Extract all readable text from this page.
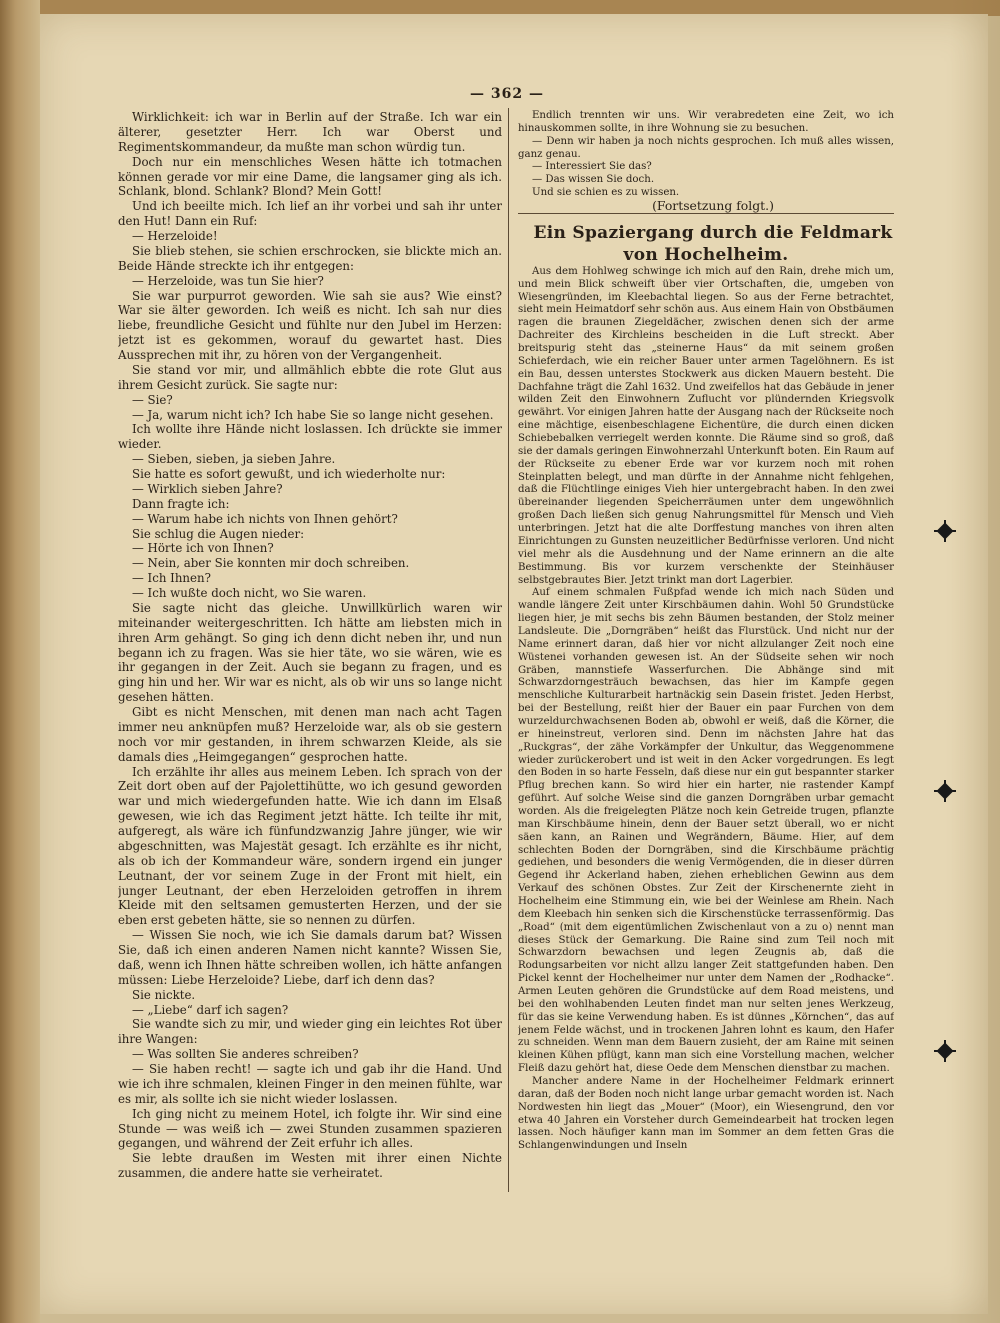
— 362 —

Wirklichkeit: ich war in Berlin auf der Straße. Ich war ein älterer, gesetzter Herr. Ich war Oberst und Regimentskommandeur, da mußte man schon würdig tun.

Doch nur ein menschliches Wesen hätte ich totmachen können gerade vor mir eine Dame, die langsamer ging als ich. Schlank, blond. Schlank? Blond? Mein Gott!

Und ich beeilte mich. Ich lief an ihr vorbei und sah ihr unter den Hut! Dann ein Ruf:

— Herzeloide!

Sie blieb stehen, sie schien erschrocken, sie blickte mich an. Beide Hände streckte ich ihr entgegen:

— Herzeloide, was tun Sie hier?

Sie war purpurrot geworden. Wie sah sie aus? Wie einst? War sie älter geworden. Ich weiß es nicht. Ich sah nur dies liebe, freundliche Gesicht und fühlte nur den Jubel im Herzen: jetzt ist es gekommen, worauf du gewartet hast. Dies Aussprechen mit ihr, zu hören von der Vergangenheit.

Sie stand vor mir, und allmählich ebbte die rote Glut aus ihrem Gesicht zurück. Sie sagte nur:

— Sie?

— Ja, warum nicht ich? Ich habe Sie so lange nicht gesehen.

Ich wollte ihre Hände nicht loslassen. Ich drückte sie immer wieder.

— Sieben, sieben, ja sieben Jahre.

Sie hatte es sofort gewußt, und ich wiederholte nur:

— Wirklich sieben Jahre?

Dann fragte ich:

— Warum habe ich nichts von Ihnen gehört?

Sie schlug die Augen nieder:

— Hörte ich von Ihnen?

— Nein, aber Sie konnten mir doch schreiben.

— Ich Ihnen?

— Ich wußte doch nicht, wo Sie waren.

Sie sagte nicht das gleiche. Unwillkürlich waren wir miteinander weitergeschritten. Ich hätte am liebsten mich in ihren Arm gehängt. So ging ich denn dicht neben ihr, und nun begann ich zu fragen. Was sie hier täte, wo sie wären, wie es ihr gegangen in der Zeit. Auch sie begann zu fragen, und es ging hin und her. Wir war es nicht, als ob wir uns so lange nicht gesehen hätten.

Gibt es nicht Menschen, mit denen man nach acht Tagen immer neu anknüpfen muß? Herzeloide war, als ob sie gestern noch vor mir gestanden, in ihrem schwarzen Kleide, als sie damals dies „Heimgegangen“ gesprochen hatte.

Ich erzählte ihr alles aus meinem Leben. Ich sprach von der Zeit dort oben auf der Pajolettihütte, wo ich gesund geworden war und mich wiedergefunden hatte. Wie ich dann im Elsaß gewesen, wie ich das Regiment jetzt hätte. Ich teilte ihr mit, aufgeregt, als wäre ich fünfundzwanzig Jahre jünger, wie wir abgeschnitten, was Majestät gesagt. Ich erzählte es ihr nicht, als ob ich der Kommandeur wäre, sondern irgend ein junger Leutnant, der vor seinem Zuge in der Front mit hielt, ein junger Leutnant, der eben Herzeloiden getroffen in ihrem Kleide mit den seltsamen gemusterten Herzen, und der sie eben erst gebeten hätte, sie so nennen zu dürfen.

— Wissen Sie noch, wie ich Sie damals darum bat? Wissen Sie, daß ich einen anderen Namen nicht kannte? Wissen Sie, daß, wenn ich Ihnen hätte schreiben wollen, ich hätte anfangen müssen: Liebe Herzeloide? Liebe, darf ich denn das?

Sie nickte.

— „Liebe“ darf ich sagen?

Sie wandte sich zu mir, und wieder ging ein leichtes Rot über ihre Wangen:

— Was sollten Sie anderes schreiben?

— Sie haben recht! — sagte ich und gab ihr die Hand. Und wie ich ihre schmalen, kleinen Finger in den meinen fühlte, war es mir, als sollte ich sie nicht wieder loslassen.

Ich ging nicht zu meinem Hotel, ich folgte ihr. Wir sind eine Stunde — was weiß ich — zwei Stunden zusammen spazieren gegangen, und während der Zeit erfuhr ich alles.

Sie lebte draußen im Westen mit ihrer einen Nichte zusammen, die andere hatte sie verheiratet.

Endlich trennten wir uns. Wir verabredeten eine Zeit, wo ich hinauskommen sollte, in ihre Wohnung sie zu besuchen.

— Denn wir haben ja noch nichts gesprochen. Ich muß alles wissen, ganz genau.

— Interessiert Sie das?

— Das wissen Sie doch.

Und sie schien es zu wissen.

(Fortsetzung folgt.)

Ein Spaziergang durch die Feldmark von Hochelheim.

Aus dem Hohlweg schwinge ich mich auf den Rain, drehe mich um, und mein Blick schweift über vier Ortschaften, die, umgeben von Wiesengründen, im Kleebachtal liegen. So aus der Ferne betrachtet, sieht mein Heimatdorf sehr schön aus. Aus einem Hain von Obstbäumen ragen die braunen Ziegeldächer, zwischen denen sich der arme Dachreiter des Kirchleins bescheiden in die Luft streckt. Aber breitspurig steht das „steinerne Haus“ da mit seinem großen Schieferdach, wie ein reicher Bauer unter armen Tagelöhnern. Es ist ein Bau, dessen unterstes Stockwerk aus dicken Mauern besteht. Die Dachfahne trägt die Zahl 1632. Und zweifellos hat das Gebäude in jener wilden Zeit den Einwohnern Zuflucht vor plündernden Kriegsvolk gewährt. Vor einigen Jahren hatte der Ausgang nach der Rückseite noch eine mächtige, eisenbeschlagene Eichentüre, die durch einen dicken Schiebebalken verriegelt werden konnte. Die Räume sind so groß, daß sie der damals geringen Einwohnerzahl Unterkunft boten. Ein Raum auf der Rückseite zu ebener Erde war vor kurzem noch mit rohen Steinplatten belegt, und man dürfte in der Annahme nicht fehlgehen, daß die Flüchtlinge einiges Vieh hier untergebracht haben. In den zwei übereinander liegenden Speicherräumen unter dem ungewöhnlich großen Dach ließen sich genug Nahrungsmittel für Mensch und Vieh unterbringen. Jetzt hat die alte Dorffestung manches von ihren alten Einrichtungen zu Gunsten neuzeitlicher Bedürfnisse verloren. Und nicht viel mehr als die Ausdehnung und der Name erinnern an die alte Bestimmung. Bis vor kurzem verschenkte der Steinhäuser selbstgebrautes Bier. Jetzt trinkt man dort Lagerbier.

Auf einem schmalen Fußpfad wende ich mich nach Süden und wandle längere Zeit unter Kirschbäumen dahin. Wohl 50 Grundstücke liegen hier, je mit sechs bis zehn Bäumen bestanden, der Stolz meiner Landsleute. Die „Dorngräben“ heißt das Flurstück. Und nicht nur der Name erinnert daran, daß hier vor nicht allzulanger Zeit noch eine Wüstenei vorhanden gewesen ist. An der Südseite sehen wir noch Gräben, mannstiefe Wasserfurchen. Die Abhänge sind mit Schwarzdorngesträuch bewachsen, das hier im Kampfe gegen menschliche Kulturarbeit hartnäckig sein Dasein fristet. Jeden Herbst, bei der Bestellung, reißt hier der Bauer ein paar Furchen von dem wurzeldurchwachsenen Boden ab, obwohl er weiß, daß die Körner, die er hineinstreut, verloren sind. Denn im nächsten Jahre hat das „Ruckgras“, der zähe Vorkämpfer der Unkultur, das Weggenommene wieder zurückerobert und ist weit in den Acker vorgedrungen. Es legt den Boden in so harte Fesseln, daß diese nur ein gut bespannter starker Pflug brechen kann. So wird hier ein harter, nie rastender Kampf geführt. Auf solche Weise sind die ganzen Dorngräben urbar gemacht worden. Als die freigelegten Plätze noch kein Getreide trugen, pflanzte man Kirschbäume hinein, denn der Bauer setzt überall, wo er nicht säen kann, an Rainen und Wegrändern, Bäume. Hier, auf dem schlechten Boden der Dorngräben, sind die Kirschbäume prächtig gediehen, und besonders die wenig Vermögenden, die in dieser dürren Gegend ihr Ackerland haben, ziehen erheblichen Gewinn aus dem Verkauf des schönen Obstes. Zur Zeit der Kirschenernte zieht in Hochelheim eine Stimmung ein, wie bei der Weinlese am Rhein. Nach dem Kleebach hin senken sich die Kirschenstücke terrassenförmig. Das „Road“ (mit dem eigentümlichen Zwischenlaut von a zu o) nennt man dieses Stück der Gemarkung. Die Raine sind zum Teil noch mit Schwarzdorn bewachsen und legen Zeugnis ab, daß die Rodungsarbeiten vor nicht allzu langer Zeit stattgefunden haben. Den Pickel kennt der Hochelheimer nur unter dem Namen der „Rodhacke“. Armen Leuten gehören die Grundstücke auf dem Road meistens, und bei den wohlhabenden Leuten findet man nur selten jenes Werkzeug, für das sie keine Verwendung haben. Es ist dünnes „Körnchen“, das auf jenem Felde wächst, und in trockenen Jahren lohnt es kaum, den Hafer zu schneiden. Wenn man dem Bauern zusieht, der am Raine mit seinen kleinen Kühen pflügt, kann man sich eine Vorstellung machen, welcher Fleiß dazu gehört hat, diese Oede dem Menschen dienstbar zu machen.

Mancher andere Name in der Hochelheimer Feldmark erinnert daran, daß der Boden noch nicht lange urbar gemacht worden ist. Nach Nordwesten hin liegt das „Mouer“ (Moor), ein Wiesengrund, den vor etwa 40 Jahren ein Vorsteher durch Gemeindearbeit hat trocken legen lassen. Noch häufiger kann man im Sommer an dem fetten Gras die Schlangenwindungen und Inseln
